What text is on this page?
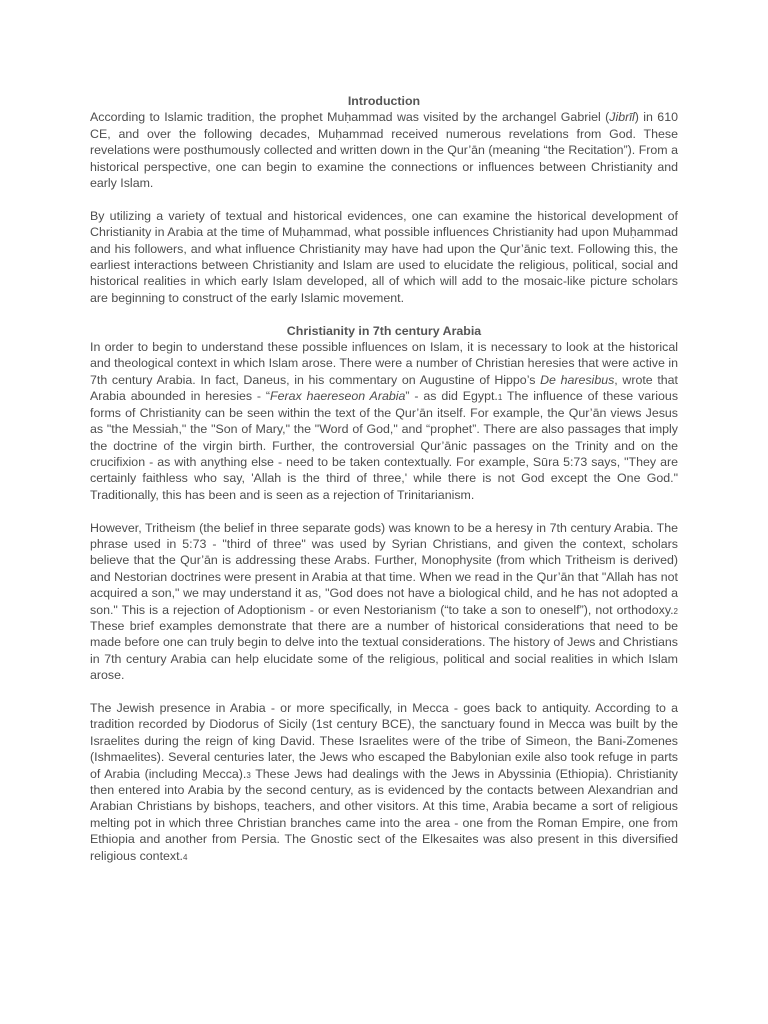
Introduction

According to Islamic tradition, the prophet Muḥammad was visited by the archangel Gabriel (Jibrīl) in 610 CE, and over the following decades, Muḥammad received numerous revelations from God. These revelations were posthumously collected and written down in the Qur’ān (meaning “the Recitation”). From a historical perspective, one can begin to examine the connections or influences between Christianity and early Islam.

By utilizing a variety of textual and historical evidences, one can examine the historical development of Christianity in Arabia at the time of Muḥammad, what possible influences Christianity had upon Muḥammad and his followers, and what influence Christianity may have had upon the Qur’ānic text. Following this, the earliest interactions between Christianity and Islam are used to elucidate the religious, political, social and historical realities in which early Islam developed, all of which will add to the mosaic-like picture scholars are beginning to construct of the early Islamic movement.

Christianity in 7th century Arabia

In order to begin to understand these possible influences on Islam, it is necessary to look at the historical and theological context in which Islam arose. There were a number of Christian heresies that were active in 7th century Arabia. In fact, Daneus, in his commentary on Augustine of Hippo’s De haresibus, wrote that Arabia abounded in heresies - “Ferax haereseon Arabia” - as did Egypt.1 The influence of these various forms of Christianity can be seen within the text of the Qur’ān itself. For example, the Qur’ān views Jesus as "the Messiah," the "Son of Mary," the "Word of God," and “prophet”. There are also passages that imply the doctrine of the virgin birth. Further, the controversial Qur’ānic passages on the Trinity and on the crucifixion - as with anything else - need to be taken contextually. For example, Sūra 5:73 says, "They are certainly faithless who say, 'Allah is the third of three,' while there is not God except the One God." Traditionally, this has been and is seen as a rejection of Trinitarianism.

However, Tritheism (the belief in three separate gods) was known to be a heresy in 7th century Arabia. The phrase used in 5:73 - "third of three" was used by Syrian Christians, and given the context, scholars believe that the Qur’ān is addressing these Arabs. Further, Monophysite (from which Tritheism is derived) and Nestorian doctrines were present in Arabia at that time. When we read in the Qur’ān that "Allah has not acquired a son," we may understand it as, "God does not have a biological child, and he has not adopted a son." This is a rejection of Adoptionism - or even Nestorianism (“to take a son to oneself”), not orthodoxy.2 These brief examples demonstrate that there are a number of historical considerations that need to be made before one can truly begin to delve into the textual considerations. The history of Jews and Christians in 7th century Arabia can help elucidate some of the religious, political and social realities in which Islam arose.

The Jewish presence in Arabia - or more specifically, in Mecca - goes back to antiquity. According to a tradition recorded by Diodorus of Sicily (1st century BCE), the sanctuary found in Mecca was built by the Israelites during the reign of king David. These Israelites were of the tribe of Simeon, the Bani-Zomenes (Ishmaelites). Several centuries later, the Jews who escaped the Babylonian exile also took refuge in parts of Arabia (including Mecca).3 These Jews had dealings with the Jews in Abyssinia (Ethiopia). Christianity then entered into Arabia by the second century, as is evidenced by the contacts between Alexandrian and Arabian Christians by bishops, teachers, and other visitors. At this time, Arabia became a sort of religious melting pot in which three Christian branches came into the area - one from the Roman Empire, one from Ethiopia and another from Persia. The Gnostic sect of the Elkesaites was also present in this diversified religious context.4
